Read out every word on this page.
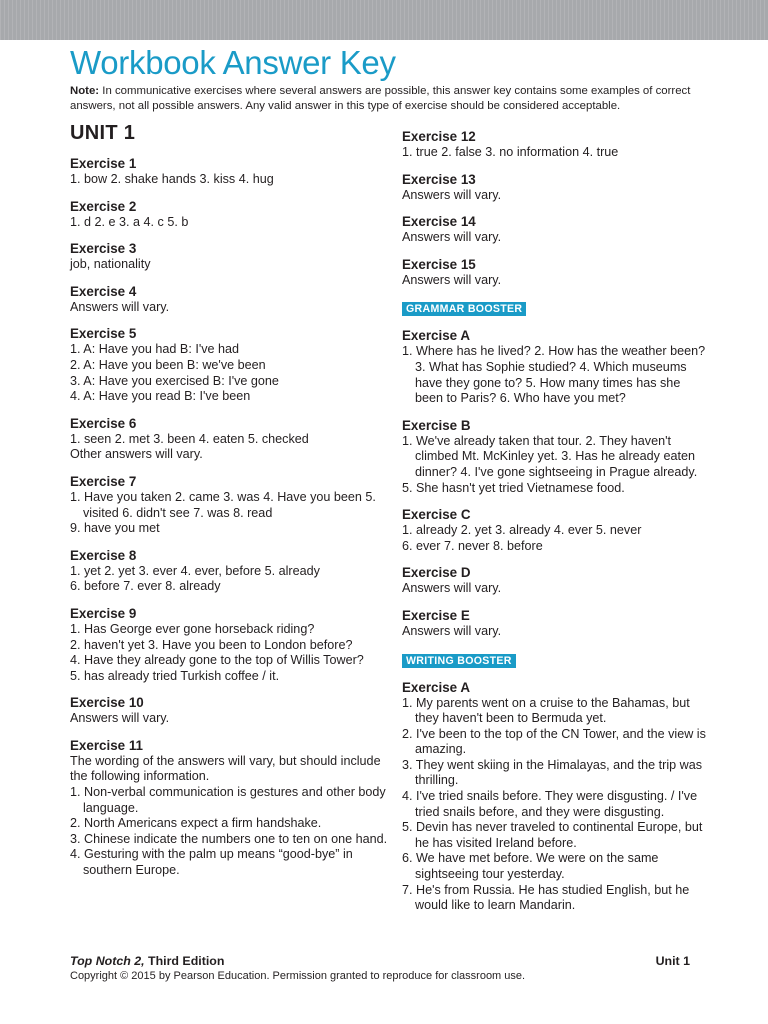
Workbook Answer Key

Note: In communicative exercises where several answers are possible, this answer key contains some examples of correct answers, not all possible answers. Any valid answer in this type of exercise should be considered acceptable.

UNIT 1

Exercise 1

1. bow 2. shake hands 3. kiss 4. hug

Exercise 2

1. d 2. e 3. a 4. c 5. b

Exercise 3

job, nationality

Exercise 4

Answers will vary.

Exercise 5

1. A: Have you had B: I've had

2. A: Have you been B: we've been

3. A: Have you exercised B: I've gone

4. A: Have you read B: I've been

Exercise 6

1. seen 2. met 3. been 4. eaten 5. checked

Other answers will vary.

Exercise 7

1. Have you taken 2. came 3. was 4. Have you been 5. visited 6. didn't see 7. was 8. read

9. have you met

Exercise 8

1. yet 2. yet 3. ever 4. ever, before 5. already

6. before 7. ever 8. already

Exercise 9

1. Has George ever gone horseback riding?

2. haven't yet 3. Have you been to London before?

4. Have they already gone to the top of Willis Tower?

5. has already tried Turkish coffee / it.

Exercise 10

Answers will vary.

Exercise 11

The wording of the answers will vary, but should include the following information.

1. Non-verbal communication is gestures and other body language.

2. North Americans expect a firm handshake.

3. Chinese indicate the numbers one to ten on one hand.

4. Gesturing with the palm up means “good-bye” in southern Europe.

Exercise 12

1. true 2. false 3. no information 4. true

Exercise 13

Answers will vary.

Exercise 14

Answers will vary.

Exercise 15

Answers will vary.

GRAMMAR BOOSTER

Exercise A

1. Where has he lived? 2. How has the weather been? 3. What has Sophie studied? 4. Which museums have they gone to? 5. How many times has she been to Paris? 6. Who have you met?

Exercise B

1. We've already taken that tour. 2. They haven't climbed Mt. McKinley yet. 3. Has he already eaten dinner? 4. I've gone sightseeing in Prague already.

5. She hasn't yet tried Vietnamese food.

Exercise C

1. already 2. yet 3. already 4. ever 5. never

6. ever 7. never 8. before

Exercise D

Answers will vary.

Exercise E

Answers will vary.

WRITING BOOSTER

Exercise A

1. My parents went on a cruise to the Bahamas, but they haven't been to Bermuda yet.

2. I've been to the top of the CN Tower, and the view is amazing.

3. They went skiing in the Himalayas, and the trip was thrilling.

4. I've tried snails before. They were disgusting. / I've tried snails before, and they were disgusting.

5. Devin has never traveled to continental Europe, but he has visited Ireland before.

6. We have met before. We were on the same sightseeing tour yesterday.

7. He's from Russia. He has studied English, but he would like to learn Mandarin.

Top Notch 2, Third Edition	Unit 1
Copyright © 2015 by Pearson Education. Permission granted to reproduce for classroom use.
